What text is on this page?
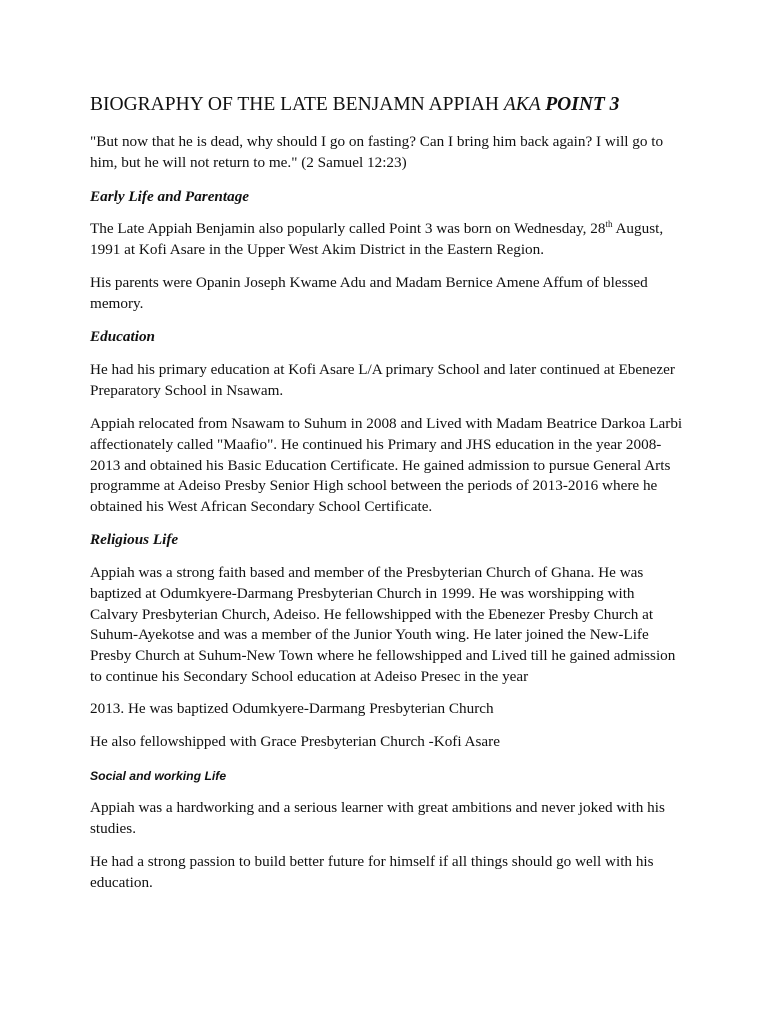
BIOGRAPHY OF THE LATE BENJAMN APPIAH AKA POINT 3
"But now that he is dead, why should I go on fasting? Can I bring him back again? I will go to
him, but he will not return to me." (2 Samuel 12:23)
Early Life and Parentage
The Late Appiah Benjamin also popularly called Point 3 was born on Wednesday, 28th August,
1991 at Kofi Asare in the Upper West Akim District in the Eastern Region.
His parents were Opanin Joseph Kwame Adu and Madam Bernice Amene Affum of blessed
memory.
Education
He had his primary education at Kofi Asare L/A primary School and later continued at Ebenezer
Preparatory School in Nsawam.
Appiah relocated from Nsawam to Suhum in 2008 and Lived with Madam Beatrice Darkoa Larbi
affectionately called "Maafio". He continued his Primary and JHS education in the year 2008-
2013 and obtained his Basic Education Certificate. He gained admission to pursue General Arts
programme at Adeiso Presby Senior High school between the periods of 2013-2016 where he
obtained his West African Secondary School Certificate.
Religious Life
Appiah was a strong faith based and member of the Presbyterian Church of Ghana. He was
baptized at Odumkyere-Darmang Presbyterian Church in 1999. He was worshipping with
Calvary Presbyterian Church, Adeiso. He fellowshipped with the Ebenezer Presby Church at
Suhum-Ayekotse and was a member of the Junior Youth wing. He later joined the New-Life
Presby Church at Suhum-New Town where he fellowshipped and Lived till he gained admission
to continue his Secondary School education at Adeiso Presec in the year
2013. He was baptized Odumkyere-Darmang Presbyterian Church
He also fellowshipped with Grace Presbyterian Church -Kofi Asare
Social and working Life
Appiah was a hardworking and a serious learner with great ambitions and never joked with his
studies.
He had a strong passion to build better future for himself if all things should go well with his
education.
